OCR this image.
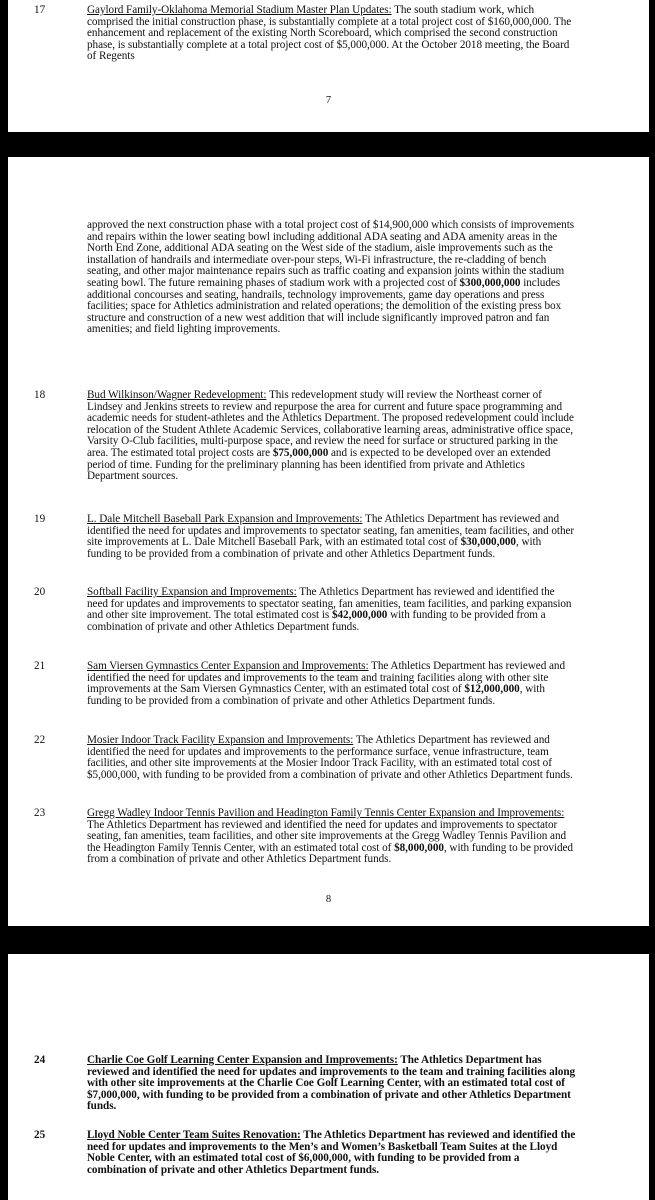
17	Gaylord Family-Oklahoma Memorial Stadium Master Plan Updates: The south stadium work, which comprised the initial construction phase, is substantially complete at a total project cost of $160,000,000. The enhancement and replacement of the existing North Scoreboard, which comprised the second construction phase, is substantially complete at a total project cost of $5,000,000. At the October 2018 meeting, the Board of Regents
7
approved the next construction phase with a total project cost of $14,900,000 which consists of improvements and repairs within the lower seating bowl including additional ADA seating and ADA amenity areas in the North End Zone, additional ADA seating on the West side of the stadium, aisle improvements such as the installation of handrails and intermediate over-pour steps, Wi-Fi infrastructure, the re-cladding of bench seating, and other major maintenance repairs such as traffic coating and expansion joints within the stadium seating bowl. The future remaining phases of stadium work with a projected cost of $300,000,000 includes additional concourses and seating, handrails, technology improvements, game day operations and press facilities; space for Athletics administration and related operations; the demolition of the existing press box structure and construction of a new west addition that will include significantly improved patron and fan amenities; and field lighting improvements.
18	Bud Wilkinson/Wagner Redevelopment: This redevelopment study will review the Northeast corner of Lindsey and Jenkins streets to review and repurpose the area for current and future space programming and academic needs for student-athletes and the Athletics Department. The proposed redevelopment could include relocation of the Student Athlete Academic Services, collaborative learning areas, administrative office space, Varsity O-Club facilities, multi-purpose space, and review the need for surface or structured parking in the area. The estimated total project costs are $75,000,000 and is expected to be developed over an extended period of time. Funding for the preliminary planning has been identified from private and Athletics Department sources.
19	L. Dale Mitchell Baseball Park Expansion and Improvements: The Athletics Department has reviewed and identified the need for updates and improvements to spectator seating, fan amenities, team facilities, and other site improvements at L. Dale Mitchell Baseball Park, with an estimated total cost of $30,000,000, with funding to be provided from a combination of private and other Athletics Department funds.
20	Softball Facility Expansion and Improvements: The Athletics Department has reviewed and identified the need for updates and improvements to spectator seating, fan amenities, team facilities, and parking expansion and other site improvement. The total estimated cost is $42,000,000 with funding to be provided from a combination of private and other Athletics Department funds.
21	Sam Viersen Gymnastics Center Expansion and Improvements: The Athletics Department has reviewed and identified the need for updates and improvements to the team and training facilities along with other site improvements at the Sam Viersen Gymnastics Center, with an estimated total cost of $12,000,000, with funding to be provided from a combination of private and other Athletics Department funds.
22	Mosier Indoor Track Facility Expansion and Improvements: The Athletics Department has reviewed and identified the need for updates and improvements to the performance surface, venue infrastructure, team facilities, and other site improvements at the Mosier Indoor Track Facility, with an estimated total cost of $5,000,000, with funding to be provided from a combination of private and other Athletics Department funds.
23	Gregg Wadley Indoor Tennis Pavilion and Headington Family Tennis Center Expansion and Improvements: The Athletics Department has reviewed and identified the need for updates and improvements to spectator seating, fan amenities, team facilities, and other site improvements at the Gregg Wadley Tennis Pavilion and the Headington Family Tennis Center, with an estimated total cost of $8,000,000, with funding to be provided from a combination of private and other Athletics Department funds.
8
24	Charlie Coe Golf Learning Center Expansion and Improvements: The Athletics Department has reviewed and identified the need for updates and improvements to the team and training facilities along with other site improvements at the Charlie Coe Golf Learning Center, with an estimated total cost of $7,000,000, with funding to be provided from a combination of private and other Athletics Department funds.
25	Lloyd Noble Center Team Suites Renovation: The Athletics Department has reviewed and identified the need for updates and improvements to the Men’s and Women’s Basketball Team Suites at the Lloyd Noble Center, with an estimated total cost of $6,000,000, with funding to be provided from a combination of private and other Athletics Department funds.
